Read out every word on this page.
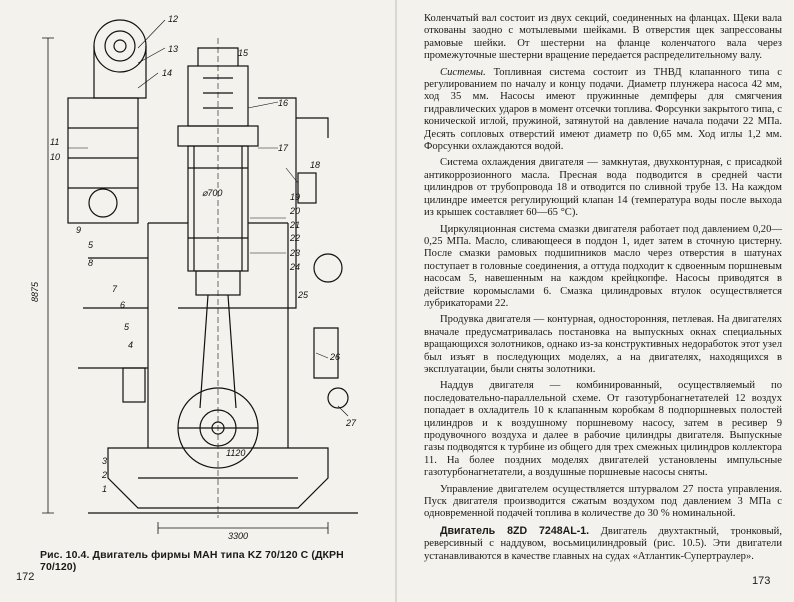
12
13
14
15
16
17
18
19
20
21
22
23
24
25
26
27
11
10
9
5
8
7
6
5
4
3
2
1
⌀700
1120
3300
8875
Рис. 10.4. Двигатель фирмы МАН типа KZ 70/120 С (ДКРН 70/120)
172

Коленчатый вал состоит из двух секций, соединенных на фланцах. Щеки вала откованы заодно с мотылевыми шейками. В отверстия щек запрессованы рамовые шейки. От шестерни на фланце коленчатого вала через промежуточные шестерни вращение передается распределительному валу.

Системы. Топливная система состоит из ТНВД клапанного типа с регулированием по началу и концу подачи. Диаметр плунжера насоса 42 мм, ход 35 мм. Насосы имеют пружинные демпферы для смягчения гидравлических ударов в момент отсечки топлива. Форсунки закрытого типа, с конической иглой, пружиной, затянутой на давление начала подачи 22 МПа. Десять сопловых отверстий имеют диаметр по 0,65 мм. Ход иглы 1,2 мм. Форсунки охлаждаются водой.

Система охлаждения двигателя — замкнутая, двухконтурная, с присадкой антикоррозионного масла. Пресная вода подводится в средней части цилиндров от трубопровода 18 и отводится по сливной трубе 13. На каждом цилиндре имеется регулирующий клапан 14 (температура воды после выхода из крышек составляет 60—65 °С).

Циркуляционная система смазки двигателя работает под давлением 0,20—0,25 МПа. Масло, сливающееся в поддон 1, идет затем в сточную цистерну. После смазки рамовых подшипников масло через отверстия в шатунах поступает в головные соединения, а оттуда подходит к сдвоенным поршневым насосам 5, навешенным на каждом крейцкопфе. Насосы приводятся в действие коромыслами 6. Смазка цилиндровых втулок осуществляется лубрикаторами 22.

Продувка двигателя — контурная, односторонняя, петлевая. На двигателях вначале предусматривалась постановка на выпускных окнах специальных вращающихся золотников, однако из-за конструктивных недоработок этот узел был изъят в последующих моделях, а на двигателях, находящихся в эксплуатации, были сняты золотники.

Наддув двигателя — комбинированный, осуществляемый по последовательно-параллельной схеме. От газотурбонагнетателей 12 воздух попадает в охладитель 10 к клапанным коробкам 8 подпоршневых полостей цилиндров и к воздушному поршневому насосу, затем в ресивер 9 продувочного воздуха и далее в рабочие цилиндры двигателя. Выпускные газы подводятся к турбине из общего для трех смежных цилиндров коллектора 11. На более поздних моделях двигателей установлены импульсные газотурбонагнетатели, а воздушные поршневые насосы сняты.

Управление двигателем осуществляется штурвалом 27 поста управления. Пуск двигателя производится сжатым воздухом под давлением 3 МПа с одновременной подачей топлива в количестве до 30 % номинальной.

Двигатель 8ZD 7248AL-1. Двигатель двухтактный, тронковый, реверсивный с наддувом, восьмицилиндровый (рис. 10.5). Эти двигатели устанавливаются в качестве главных на судах «Атлантик-Супертраулер».

173
